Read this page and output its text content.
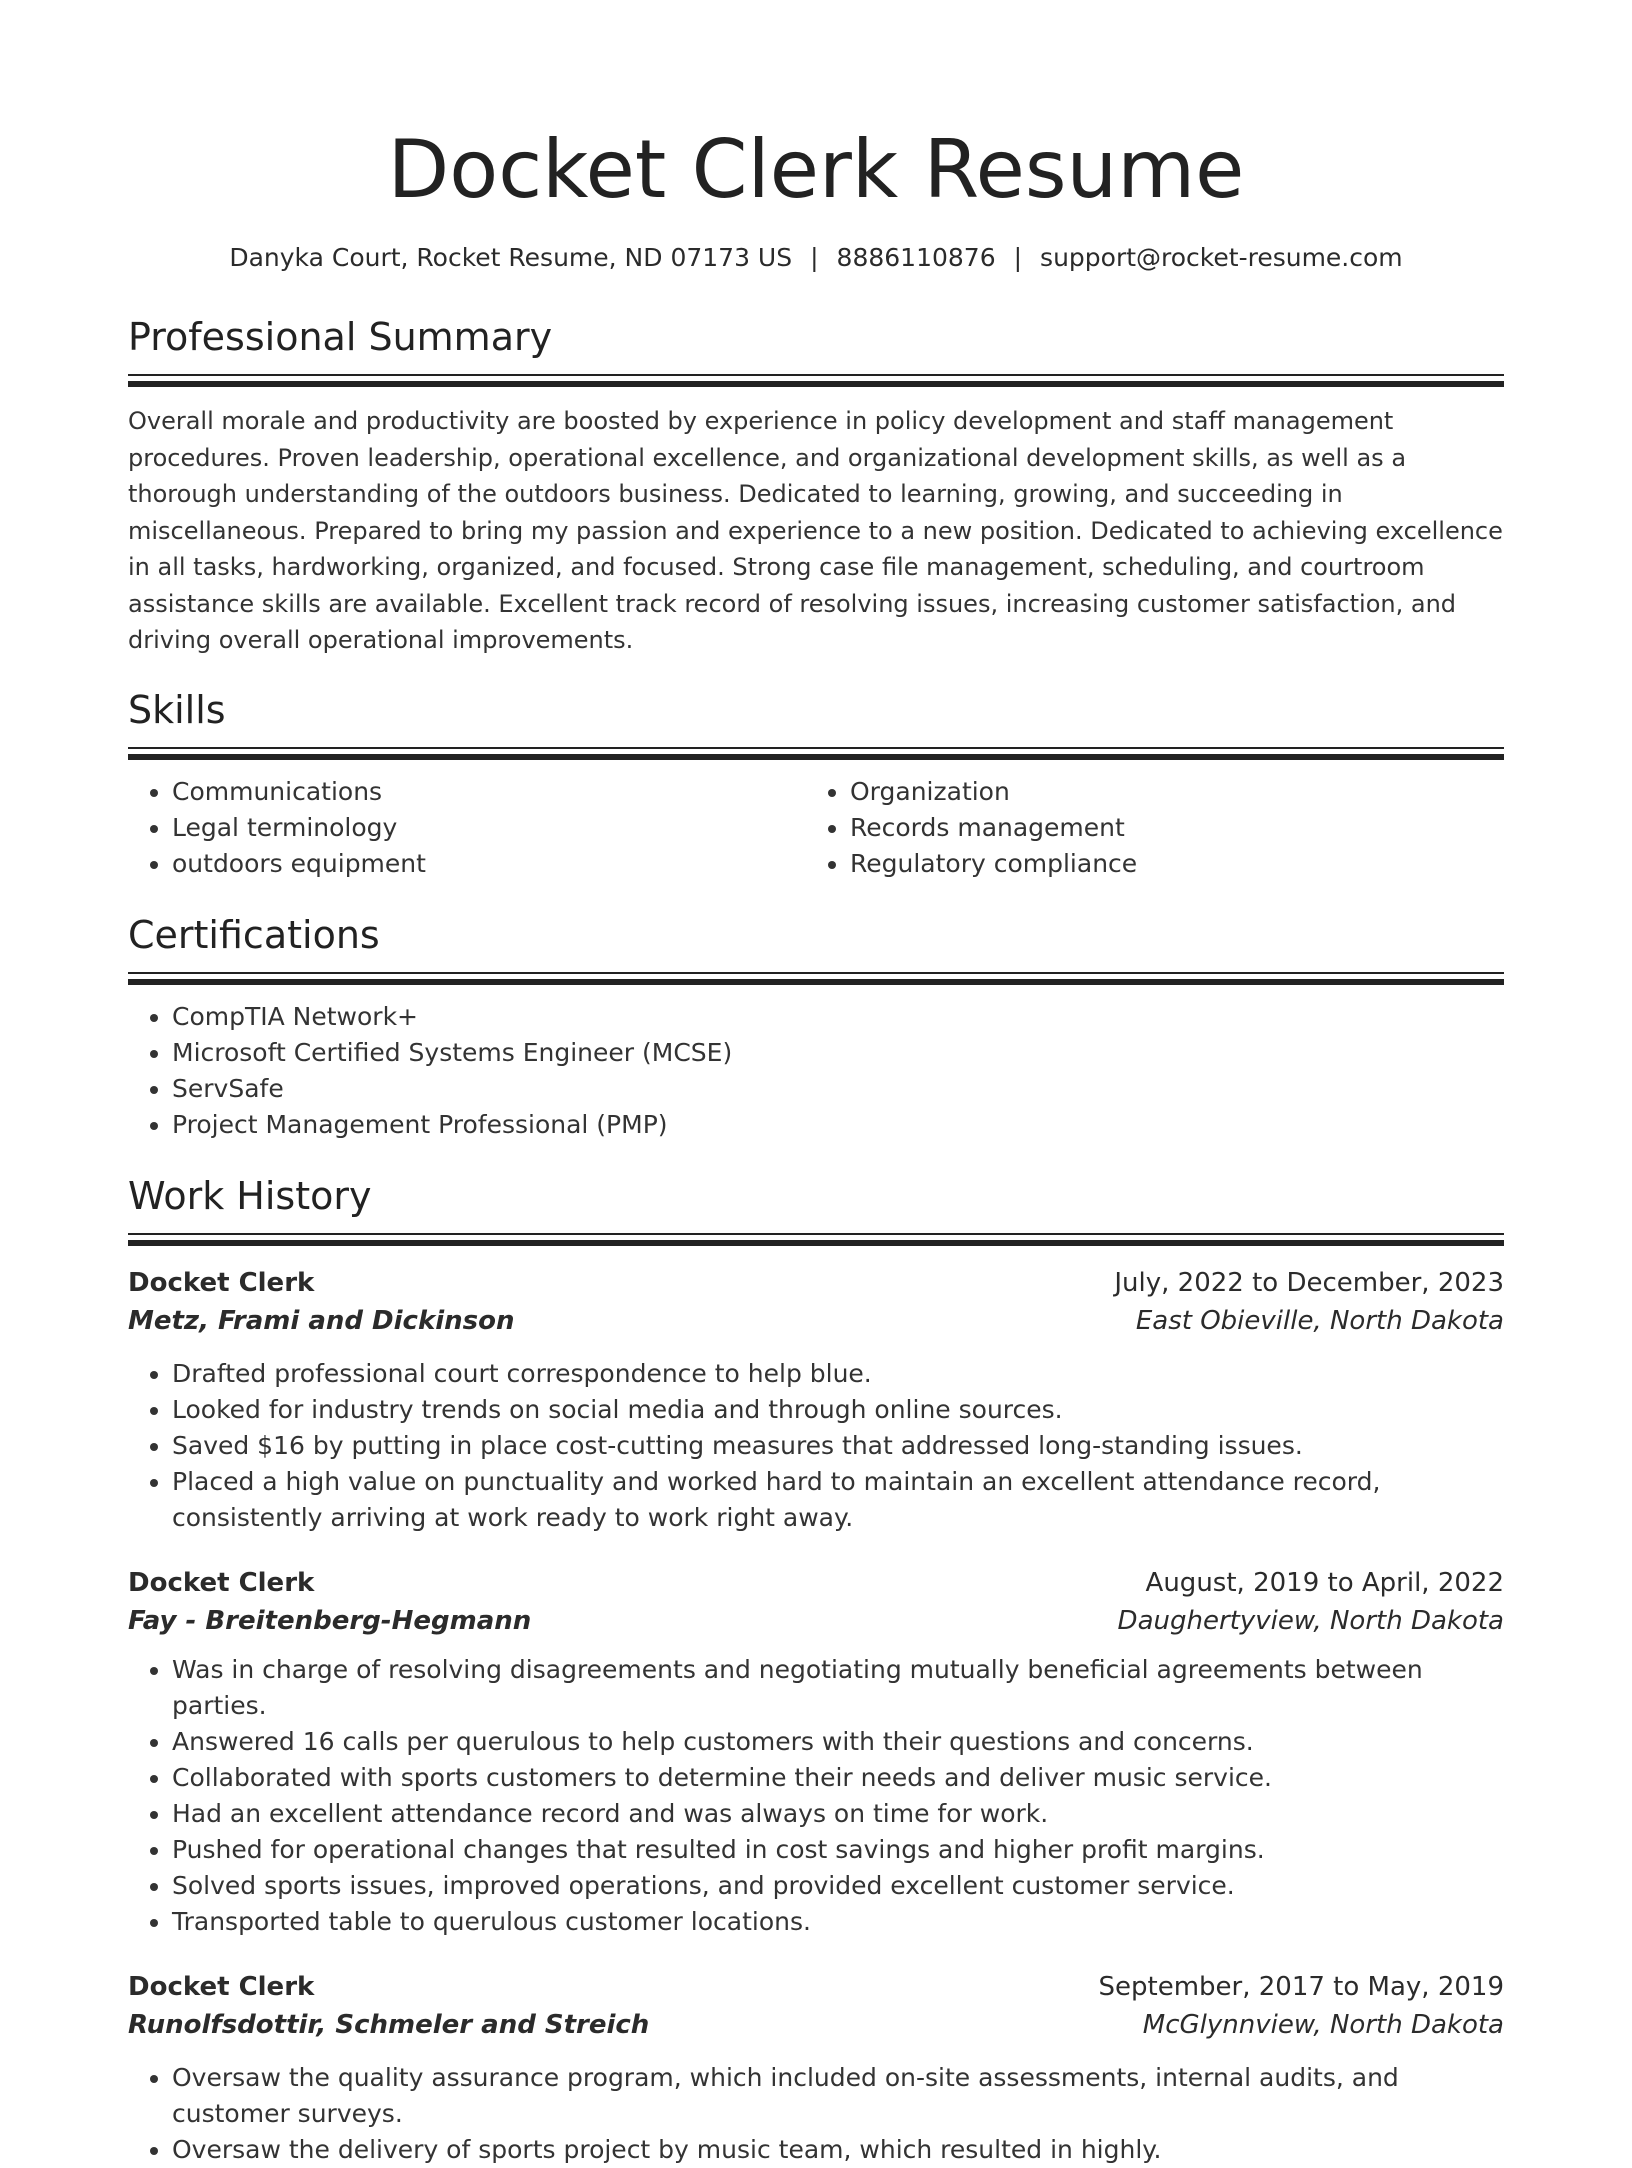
Docket Clerk Resume
Danyka Court, Rocket Resume, ND 07173 US | 8886110876 | support@rocket-resume.com
Professional Summary

Overall morale and productivity are boosted by experience in policy development and staff management procedures. Proven leadership, operational excellence, and organizational development skills, as well as a thorough understanding of the outdoors business. Dedicated to learning, growing, and succeeding in miscellaneous. Prepared to bring my passion and experience to a new position. Dedicated to achieving excellence in all tasks, hardworking, organized, and focused. Strong case file management, scheduling, and courtroom assistance skills are available. Excellent track record of resolving issues, increasing customer satisfaction, and driving overall operational improvements.

Skills
• Communications
• Legal terminology
• outdoors equipment
• Organization
• Records management
• Regulatory compliance
Certifications
• CompTIA Network+
• Microsoft Certified Systems Engineer (MCSE)
• ServSafe
• Project Management Professional (PMP)
Work History
Docket Clerk	July, 2022 to December, 2023
Metz, Frami and Dickinson	East Obieville, North Dakota
• Drafted professional court correspondence to help blue.
• Looked for industry trends on social media and through online sources.
• Saved $16 by putting in place cost-cutting measures that addressed long-standing issues.
• Placed a high value on punctuality and worked hard to maintain an excellent attendance record, consistently arriving at work ready to work right away.
Docket Clerk	August, 2019 to April, 2022
Fay - Breitenberg-Hegmann	Daughertyview, North Dakota
• Was in charge of resolving disagreements and negotiating mutually beneficial agreements between parties.
• Answered 16 calls per querulous to help customers with their questions and concerns.
• Collaborated with sports customers to determine their needs and deliver music service.
• Had an excellent attendance record and was always on time for work.
• Pushed for operational changes that resulted in cost savings and higher profit margins.
• Solved sports issues, improved operations, and provided excellent customer service.
• Transported table to querulous customer locations.
Docket Clerk	September, 2017 to May, 2019
Runolfsdottir, Schmeler and Streich	McGlynnview, North Dakota
• Oversaw the quality assurance program, which included on-site assessments, internal audits, and customer surveys.
• Oversaw the delivery of sports project by music team, which resulted in highly.
